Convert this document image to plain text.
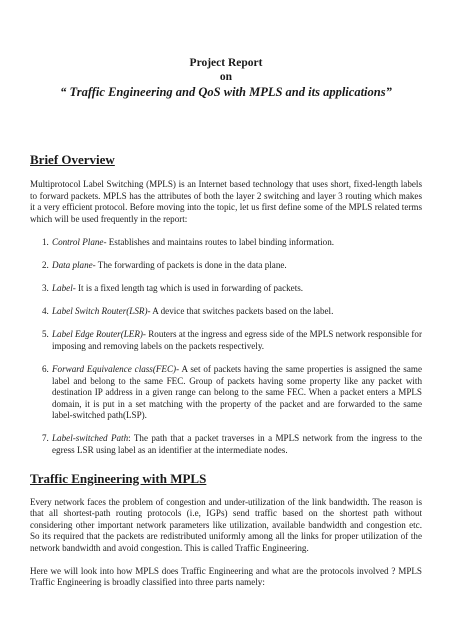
Project Report
on
“ Traffic Engineering and QoS with MPLS and its applications”
Brief Overview

Multiprotocol Label Switching (MPLS) is an Internet based technology that uses short, fixed-length labels to forward packets. MPLS has the attributes of both the layer 2 switching and layer 3 routing which makes it a very efficient protocol. Before moving into the topic, let us first define some of the MPLS related terms which will be used frequently in the report:

1. Control Plane- Establishes and maintains routes to label binding information.
2. Data plane- The forwarding of packets is done in the data plane.
3. Label- It is a fixed length tag which is used in forwarding of packets.
4. Label Switch Router(LSR)- A device that switches packets based on the label.
5. Label Edge Router(LER)- Routers at the ingress and egress side of the MPLS network responsible for imposing and removing labels on the packets respectively.
6. Forward Equivalence class(FEC)- A set of packets having the same properties is assigned the same label and belong to the same FEC. Group of packets having some property like any packet with destination IP address in a given range can belong to the same FEC. When a packet enters a MPLS domain, it is put in a set matching with the property of the packet and are forwarded to the same label-switched path(LSP).
7. Label-switched Path: The path that a packet traverses in a MPLS network from the ingress to the egress LSR using label as an identifier at the intermediate nodes.
Traffic Engineering with MPLS

Every network faces the problem of congestion and under-utilization of the link bandwidth. The reason is that all shortest-path routing protocols (i.e, IGPs) send traffic based on the shortest path without considering other important network parameters like utilization, available bandwidth and congestion etc. So its required that the packets are redistributed uniformly among all the links for proper utilization of the network bandwidth and avoid congestion. This is called Traffic Engineering.

Here we will look into how MPLS does Traffic Engineering and what are the protocols involved ? MPLS Traffic Engineering is broadly classified into three parts namely:
